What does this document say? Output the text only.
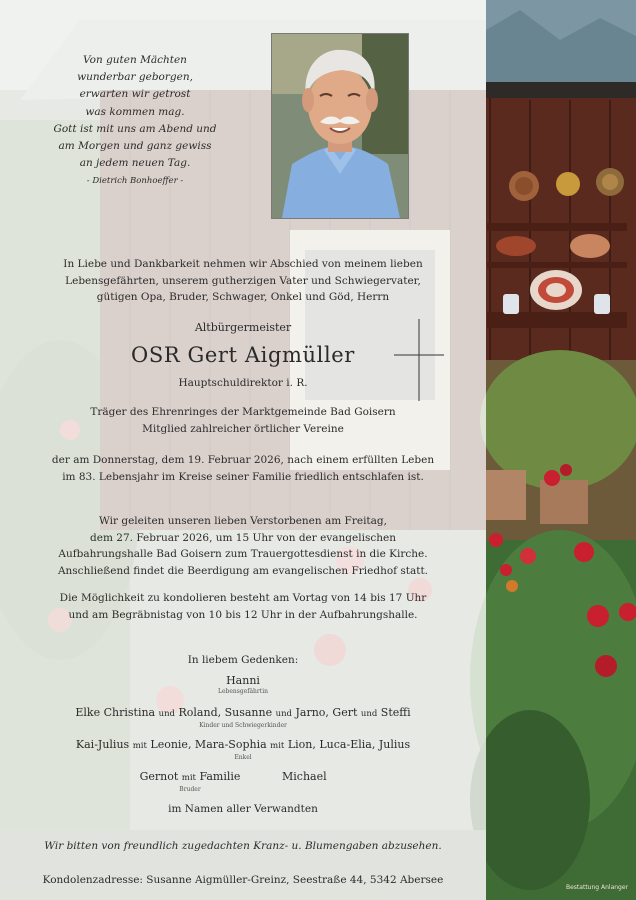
Von guten Mächten
wunderbar geborgen,
erwarten wir getrost
was kommen mag.
Gott ist mit uns am Abend und
am Morgen und ganz gewiss
an jedem neuen Tag.
- Dietrich Bonhoeffer -
In Liebe und Dankbarkeit nehmen wir Abschied von meinem lieben
Lebensgefährten, unserem gutherzigen Vater und Schwiegervater,
gütigen Opa, Bruder, Schwager, Onkel und Göd, Herrn
Altbürgermeister
OSR Gert Aigmüller
Hauptschuldirektor i. R.
Träger des Ehrenringes der Marktgemeinde Bad Goisern
Mitglied zahlreicher örtlicher Vereine
der am Donnerstag, dem 19. Februar 2026, nach einem erfüllten Leben
im 83. Lebensjahr im Kreise seiner Familie friedlich entschlafen ist.
Wir geleiten unseren lieben Verstorbenen am Freitag,
dem 27. Februar 2026, um 15 Uhr von der evangelischen
Aufbahrungshalle Bad Goisern zum Trauergottesdienst in die Kirche.
Anschließend findet die Beerdigung am evangelischen Friedhof statt.
Die Möglichkeit zu kondolieren besteht am Vortag von 14 bis 17 Uhr
und am Begräbnistag von 10 bis 12 Uhr in der Aufbahrungshalle.
In liebem Gedenken:
Hanni
Lebensgefährtin
Elke Christina und Roland, Susanne und Jarno, Gert und Steffi
Kinder und Schwiegerkinder
Kai-Julius mit Leonie, Mara-Sophia mit Lion, Luca-Elia, Julius
Enkel
Gernot mit Familie
Bruder
Michael
im Namen aller Verwandten
Wir bitten von freundlich zugedachten Kranz- u. Blumengaben abzusehen.
Kondolenzadresse: Susanne Aigmüller-Greinz, Seestraße 44, 5342 Abersee
Bestattung Anlanger
